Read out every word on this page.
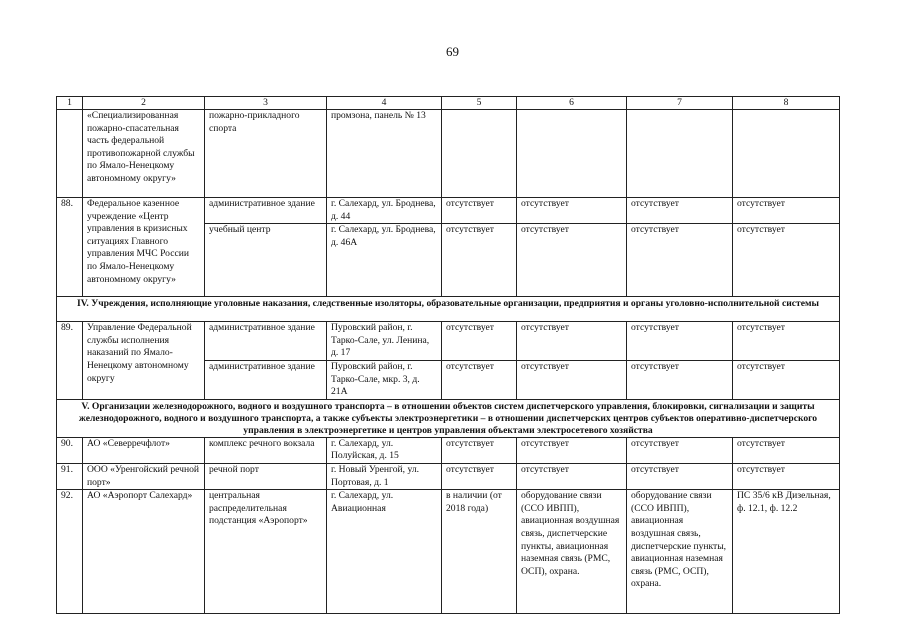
69
1	2	3	4	5	6	7	8
	«Специализированная пожарно-спасательная часть федеральной противопожарной службы по Ямало-Ненецкому автономному округу»	пожарно-прикладного спорта	промзона, панель № 13				
88.	Федеральное казенное учреждение «Центр управления в кризисных ситуациях Главного управления МЧС России по Ямало-Ненецкому автономному округу»	административное здание	г. Салехард, ул. Броднева, д. 44	отсутствует	отсутствует	отсутствует	отсутствует
		учебный центр	г. Салехард, ул. Броднева, д. 46А	отсутствует	отсутствует	отсутствует	отсутствует
IV. Учреждения, исполняющие уголовные наказания, следственные изоляторы, образовательные организации, предприятия и органы уголовно-исполнительной системы							
89.	Управление Федеральной службы исполнения наказаний по Ямало-Ненецкому автономному округу	административное здание	Пуровский район, г. Тарко-Сале, ул. Ленина, д. 17	отсутствует	отсутствует	отсутствует	отсутствует
		административное здание	Пуровский район, г. Тарко-Сале, мкр. 3, д. 21А	отсутствует	отсутствует	отсутствует	отсутствует
V. Организации железнодорожного, водного и воздушного транспорта – в отношении объектов систем диспетчерского управления, блокировки, сигнализации и защиты железнодорожного, водного и воздушного транспорта, а также субъекты электроэнергетики – в отношении диспетчерских центров субъектов оперативно-диспетчерского управления в электроэнергетике и центров управления объектами электросетевого хозяйства							
90.	АО «Северречфлот»	комплекс речного вокзала	г. Салехард, ул. Полуйская, д. 15	отсутствует	отсутствует	отсутствует	отсутствует
91.	ООО «Уренгойский речной порт»	речной порт	г. Новый Уренгой, ул. Портовая, д. 1	отсутствует	отсутствует	отсутствует	отсутствует
92.	АО «Аэропорт Салехард»	центральная распределительная подстанция «Аэропорт»	г. Салехард, ул. Авиационная	в наличии (от 2018 года)	оборудование связи (ССО ИВПП), авиационная воздушная связь, диспетчерские пункты, авиационная наземная связь (РМС, ОСП), охрана.	оборудование связи (ССО ИВПП), авиационная воздушная связь, диспетчерские пункты, авиационная наземная связь (РМС, ОСП), охрана.	ПС 35/6 кВ Дизельная, ф. 12.1, ф. 12.2
